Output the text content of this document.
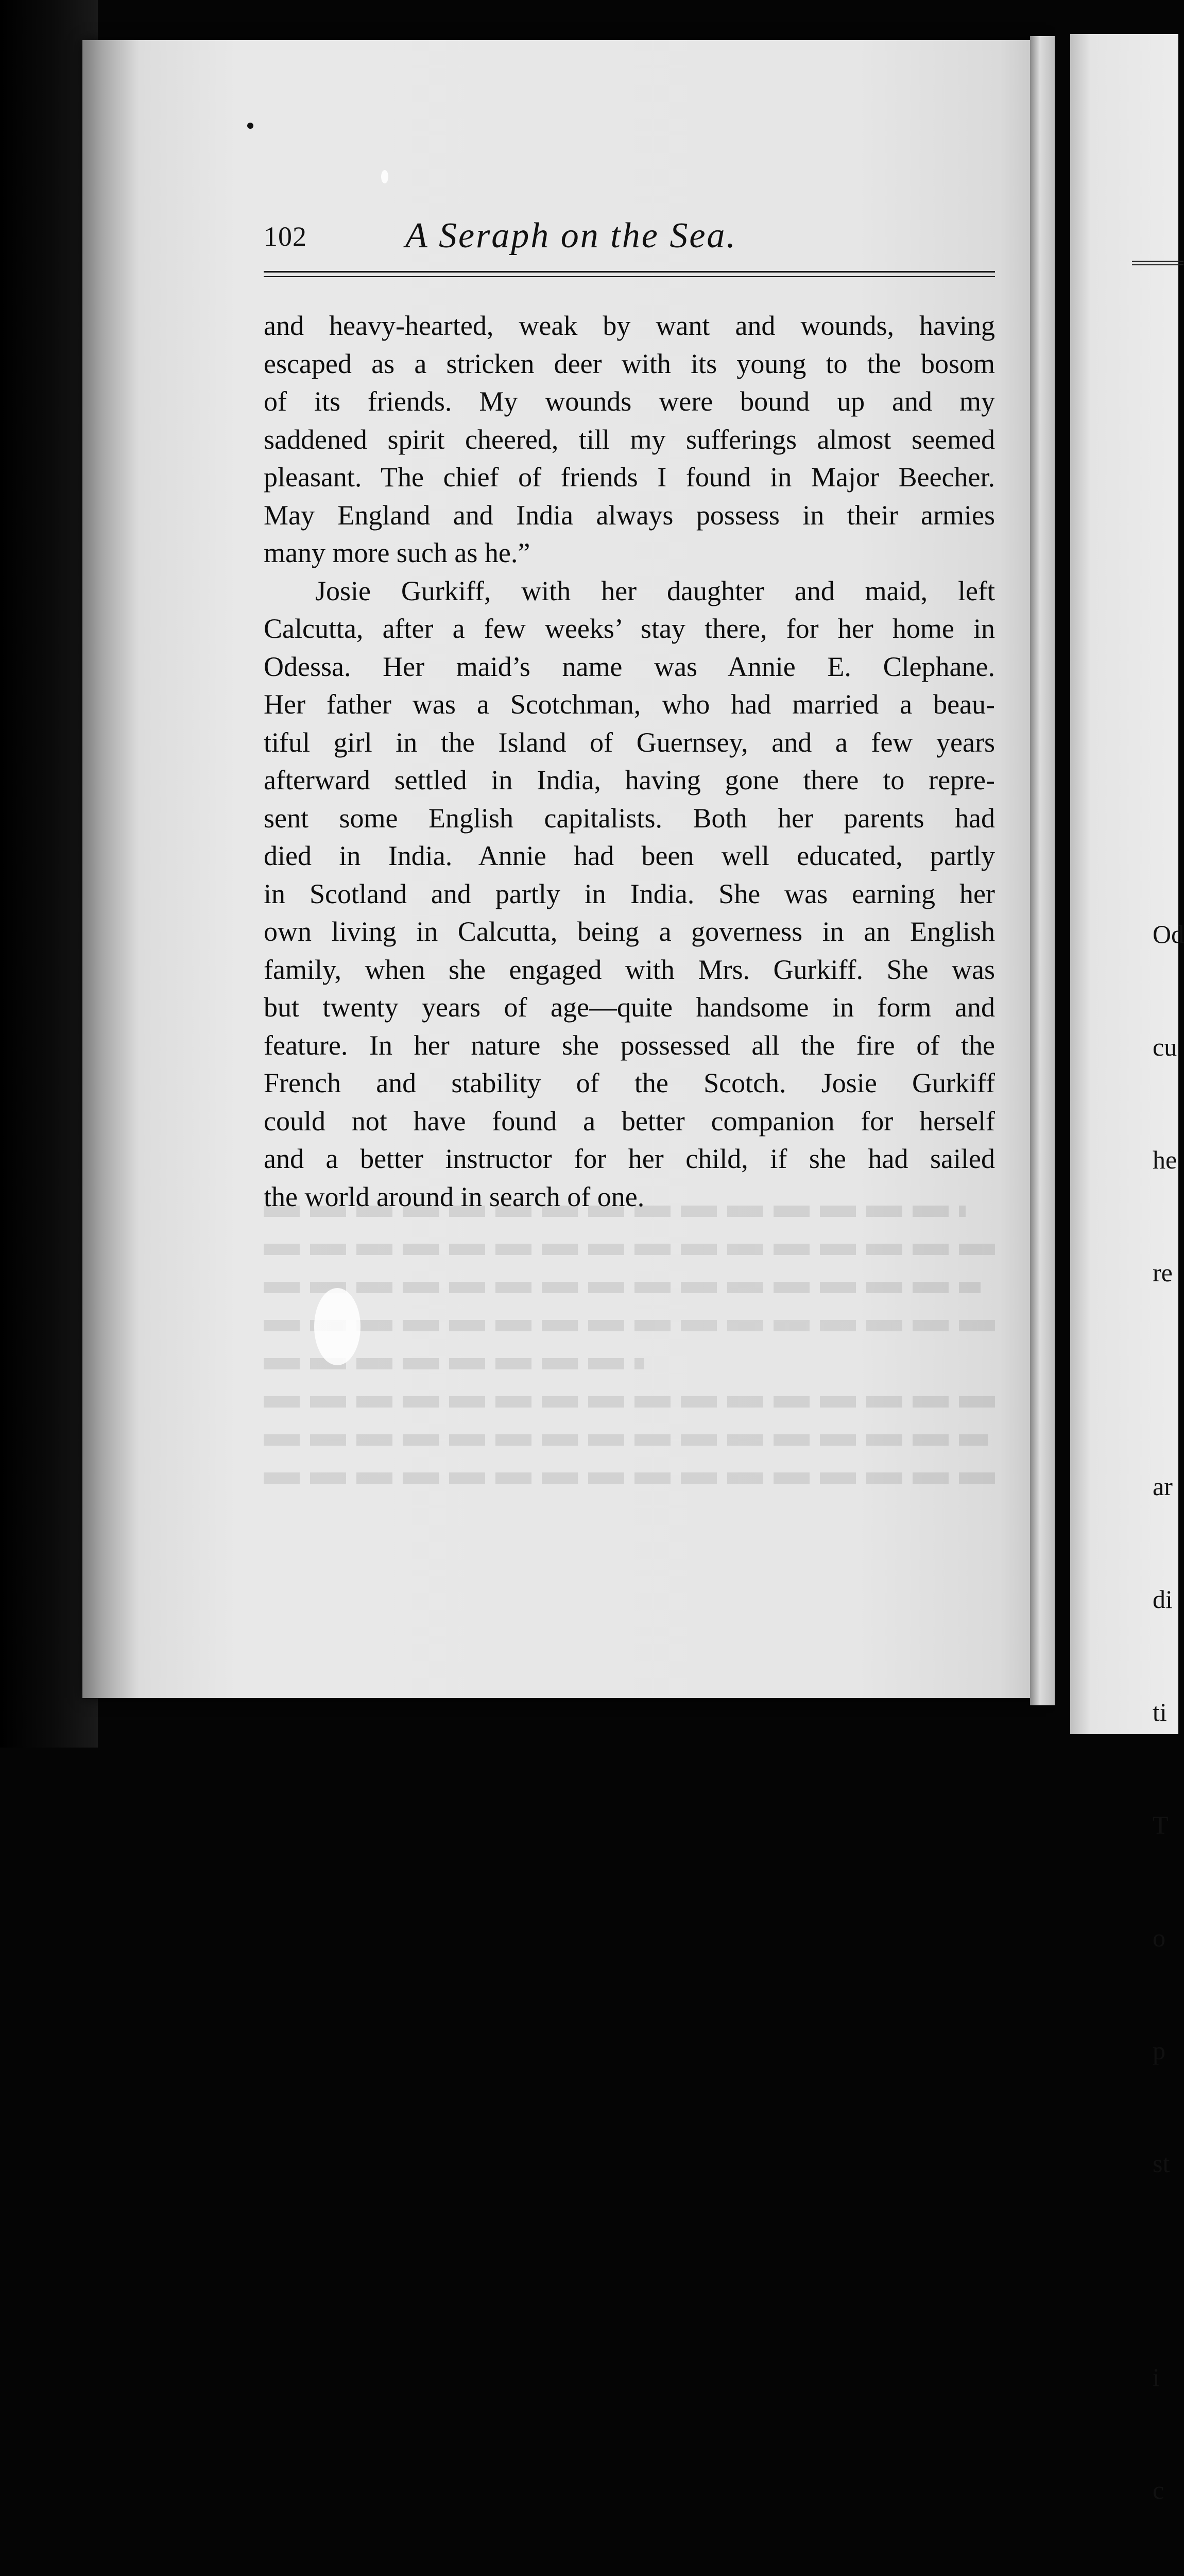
Od

cu

he

re

ar

di

ti

T

o

p

st

i

c

102	A Seraph on the Sea.
and heavy-hearted, weak by want and wounds, having
escaped as a stricken deer with its young to the bosom
of its friends. My wounds were bound up and my
saddened spirit cheered, till my sufferings almost seemed
pleasant. The chief of friends I found in Major Beecher.
May England and India always possess in their armies
many more such as he.”
Josie Gurkiff, with her daughter and maid, left
Calcutta, after a few weeks’ stay there, for her home in
Odessa. Her maid’s name was Annie E. Clephane.
Her father was a Scotchman, who had married a beau-
tiful girl in the Island of Guernsey, and a few years
afterward settled in India, having gone there to repre-
sent some English capitalists. Both her parents had
died in India. Annie had been well educated, partly
in Scotland and partly in India. She was earning her
own living in Calcutta, being a governess in an English
family, when she engaged with Mrs. Gurkiff. She was
but twenty years of age—quite handsome in form and
feature. In her nature she possessed all the fire of the
French and stability of the Scotch. Josie Gurkiff
could not have found a better companion for herself
and a better instructor for her child, if she had sailed
the world around in search of one.
